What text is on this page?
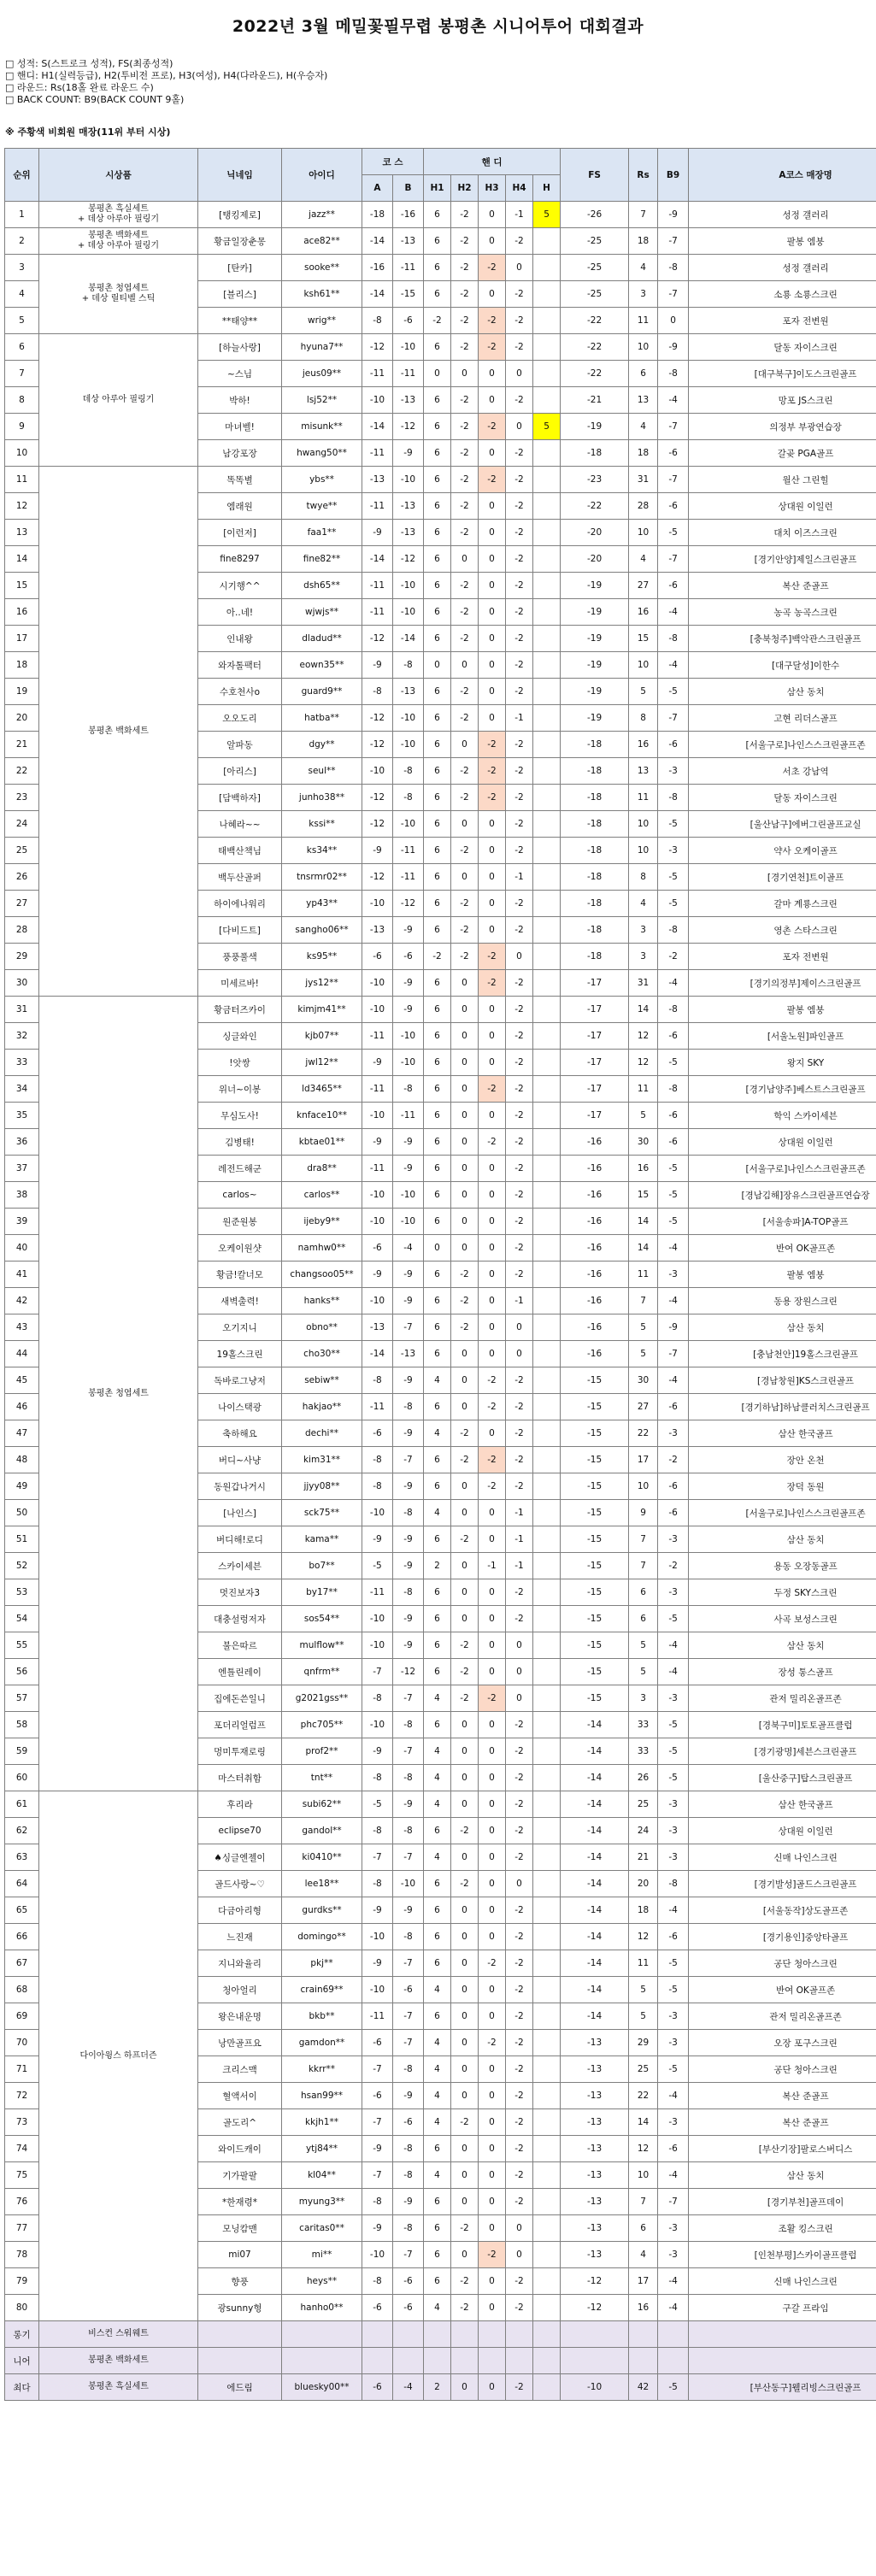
2022년 3월 메밀꽃필무렵 봉평촌 시니어투어 대회결과
□ 성적: S(스트로크 성적), FS(최종성적)
□ 핸디: H1(실력등급), H2(투비전 프로), H3(여성), H4(다라운드), H(우승자)
□ 라운드: Rs(18홀 완료 라운드 수)
□ BACK COUNT: B9(BACK COUNT 9홀)
※ 주황색 비회원 매장(11위 부터 시상)
순위	시상품	닉네임	아이디	코 스		핸 디					FS	Rs	B9	A코스 매장명
				A	B	H1	H2	H3	H4	H				
1	봉평촌 흑실세트
+ 데상 아루아 필링기	[탱킹제로]	jazz**	-18	-16	6	-2	0	-1	5	-26	7	-9	성정 갤러리
2	봉평촌 백화세트
+ 데상 아루아 필링기	황금일장춘몽	ace82**	-14	-13	6	-2	0	-2		-25	18	-7	팔봉 엠붕
3	봉평촌 청엽세트
+ 데상 릴티벨 스틱	[탄카]	sooke**	-16	-11	6	-2	-2	0		-25	4	-8	성정 갤러리
4		[블리스]	ksh61**	-14	-15	6	-2	0	-2		-25	3	-7	소룡 소룡스크린
5		**태양**	wrig**	-8	-6	-2	-2	-2	-2		-22	11	0	포자 전변원
6	데상 아루아 필링기	[하늘사랑]	hyuna7**	-12	-10	6	-2	-2	-2		-22	10	-9	달동 자이스크린
7		~스님	jeus09**	-11	-11	0	0	0	0		-22	6	-8	[대구북구]이도스크린골프
8		박하!	lsj52**	-10	-13	6	-2	0	-2		-21	13	-4	망포 JS스크린
9		마녀벨!	misunk**	-14	-12	6	-2	-2	0	5	-19	4	-7	의정부 부광연습장
10		남강포장	hwang50**	-11	-9	6	-2	0	-2		-18	18	-6	갈곶 PGA골프
11	봉평촌 백화세트	똑똑별	ybs**	-13	-10	6	-2	-2	-2		-23	31	-7	월산 그린힐
12		엠래원	twye**	-11	-13	6	-2	0	-2		-22	28	-6	상대원 이일런
13		[이런저]	faa1**	-9	-13	6	-2	0	-2		-20	10	-5	대치 이즈스크린
14		fine8297	fine82**	-14	-12	6	0	0	-2		-20	4	-7	[경기안양]제일스크린골프
15		시기행^^	dsh65**	-11	-10	6	-2	0	-2		-19	27	-6	복산 준골프
16		아..네!	wjwjs**	-11	-10	6	-2	0	-2		-19	16	-4	농곡 농곡스크린
17		인내왕	dladud**	-12	-14	6	-2	0	-2		-19	15	-8	[충북청주]백악관스크린골프
18		와자톨팩터	eown35**	-9	-8	0	0	0	-2		-19	10	-4	[대구달성]이한수
19		수호천사o	guard9**	-8	-13	6	-2	0	-2		-19	5	-5	삼산 동치
20		오오도리	hatba**	-12	-10	6	-2	0	-1		-19	8	-7	고현 리더스골프
21		알파동	dgy**	-12	-10	6	0	-2	-2		-18	16	-6	[서울구로]나인스스크린골프존
22		[아리스]	seul**	-10	-8	6	-2	-2	-2		-18	13	-3	서초 강남역
23		[담백하자]	junho38**	-12	-8	6	-2	-2	-2		-18	11	-8	달동 자이스크린
24		나혜라~~	kssi**	-12	-10	6	0	0	-2		-18	10	-5	[울산남구]에버그린골프교실
25		태백산책님	ks34**	-9	-11	6	-2	0	-2		-18	10	-3	약사 오케이골프
26		백두산골퍼	tnsrmr02**	-12	-11	6	0	0	-1		-18	8	-5	[경기연천]트이골프
27		하이에나워리	yp43**	-10	-12	6	-2	0	-2		-18	4	-5	갈마 계룡스크린
28		[다비드트]	sangho06**	-13	-9	6	-2	0	-2		-18	3	-8	영촌 스타스크린
29		풍풍풀색	ks95**	-6	-6	-2	-2	-2	0		-18	3	-2	포자 전변원
30		미세르바!	jys12**	-10	-9	6	0	-2	-2		-17	31	-4	[경기의정부]제이스크린골프
31	봉평촌 청엽세트	황금터즈카이	kimjm41**	-10	-9	6	0	0	-2		-17	14	-8	팔봉 엠붕
32		싱글와인	kjb07**	-11	-10	6	0	0	-2		-17	12	-6	[서울노원]파인골프
33		!앗쌍	jwl12**	-9	-10	6	0	0	-2		-17	12	-5	왕지 SKY
34		위너~이봉	ld3465**	-11	-8	6	0	-2	-2		-17	11	-8	[경기남양주]베스트스크린골프
35		무심도사!	knface10**	-10	-11	6	0	0	-2		-17	5	-6	학익 스카이세븐
36		김병태!	kbtae01**	-9	-9	6	0	-2	-2		-16	30	-6	상대원 이일런
37		레전드해군	dra8**	-11	-9	6	0	0	-2		-16	16	-5	[서울구로]나인스스크린골프존
38		carlos~	carlos**	-10	-10	6	0	0	-2		-16	15	-5	[경남김해]장유스크린골프연습장
39		원준원봉	ijeby9**	-10	-10	6	0	0	-2		-16	14	-5	[서울송파]A-TOP골프
40		오케이원샷	namhw0**	-6	-4	0	0	0	-2		-16	14	-4	반여 OK골프존
41		황금!칼너모	changsoo05**	-9	-9	6	-2	0	-2		-16	11	-3	팔봉 엠붕
42		새벽출력!	hanks**	-10	-9	6	-2	0	-1		-16	7	-4	동용 장원스크린
43		오기지니	obno**	-13	-7	6	-2	0	0		-16	5	-9	삼산 동치
44		19홀스크린	cho30**	-14	-13	6	0	0	0		-16	5	-7	[충남천안]19홀스크린골프
45		독바로그냥저	sebiw**	-8	-9	4	0	-2	-2		-15	30	-4	[경남창원]KS스크린골프
46		나이스택광	hakjao**	-11	-8	6	0	-2	-2		-15	27	-6	[경기하남]하남클러치스크린골프
47		축하해요	dechi**	-6	-9	4	-2	0	-2		-15	22	-3	삼산 한국골프
48		버디~사냥	kim31**	-8	-7	6	-2	-2	-2		-15	17	-2	장안 온천
49		동원갑나거시	jjyy08**	-8	-9	6	0	-2	-2		-15	10	-6	장덕 동원
50		[나인스]	sck75**	-10	-8	4	0	0	-1		-15	9	-6	[서울구로]나인스스크린골프존
51		버디해!로디	kama**	-9	-9	6	-2	0	-1		-15	7	-3	삼산 동치
52		스카이세븐	bo7**	-5	-9	2	0	-1	-1		-15	7	-2	용동 오장동골프
53		멋진보자3	by17**	-11	-8	6	0	0	-2		-15	6	-3	두정 SKY스크린
54		대충설렁저자	sos54**	-10	-9	6	0	0	-2		-15	6	-5	사곡 보성스크린
55		불은따르	mulflow**	-10	-9	6	-2	0	0		-15	5	-4	삼산 동치
56		엔틀린레이	qnfrm**	-7	-12	6	-2	0	0		-15	5	-4	장성 통스골프
57		집에돈쓴일니	g2021gss**	-8	-7	4	-2	-2	0		-15	3	-3	관저 밀리온골프존
58		포더리얼럼프	phc705**	-10	-8	6	0	0	-2		-14	33	-5	[경북구미]토토골프클럽
59		멍미투재로링	prof2**	-9	-7	4	0	0	-2		-14	33	-5	[경기광명]세븐스크린골프
60		마스터취함	tnt**	-8	-8	4	0	0	-2		-14	26	-5	[울산중구]탑스크린골프
61	다이아윙스 하프더즌	후리라	subi62**	-5	-9	4	0	0	-2		-14	25	-3	삼산 한국골프
62		eclipse70	gandol**	-8	-8	6	-2	0	-2		-14	24	-3	상대원 이일런
63		♠싱글엔젤이	ki0410**	-7	-7	4	0	0	-2		-14	21	-3	신매 나인스크린
64		골드사랑~♡	lee18**	-8	-10	6	-2	0	0		-14	20	-8	[경기발성]골드스크린골프
65		다금아리형	gurdks**	-9	-9	6	0	0	-2		-14	18	-4	[서울동작]상도골프존
66		느진재	domingo**	-10	-8	6	0	0	-2		-14	12	-6	[경기용인]중앙타골프
67		지니와율리	pkj**	-9	-7	6	0	-2	-2		-14	11	-5	공단 청아스크린
68		청아얼리	crain69**	-10	-6	4	0	0	-2		-14	5	-5	반여 OK골프존
69		왕은내운명	bkb**	-11	-7	6	0	0	-2		-14	5	-3	관저 밀리온골프존
70		낭만골프요	gamdon**	-6	-7	4	0	-2	-2		-13	29	-3	오장 포구스크린
71		크리스맥	kkrr**	-7	-8	4	0	0	-2		-13	25	-5	공단 청아스크린
72		혈액서이	hsan99**	-6	-9	4	0	0	-2		-13	22	-4	복산 준골프
73		골도리^	kkjh1**	-7	-6	4	-2	0	-2		-13	14	-3	복산 준골프
74		와이드캐이	ytj84**	-9	-8	6	0	0	-2		-13	12	-6	[부산기장]팔로스버디스
75		기가팔팔	kl04**	-7	-8	4	0	0	-2		-13	10	-4	삼산 동치
76		*한재령*	myung3**	-8	-9	6	0	0	-2		-13	7	-7	[경기부천]골프데이
77		모닝캄맨	caritas0**	-9	-8	6	-2	0	0		-13	6	-3	조활 킹스크린
78		mi07	mi**	-10	-7	6	0	-2	0		-13	4	-3	[인천부평]스카이골프클럽
79		향풍	heys**	-8	-6	6	-2	0	-2		-12	17	-4	신매 나인스크린
80		광sunny형	hanho0**	-6	-6	4	-2	0	-2		-12	16	-4	구갈 프라임
롱기	비스컨 스워웨트													
니어	봉평촌 백화세트													
최다	봉평촌 흑실세트	에드림	bluesky00**	-6	-4	2	0	0	-2		-10	42	-5	[부산동구]웰리빙스크린골프
